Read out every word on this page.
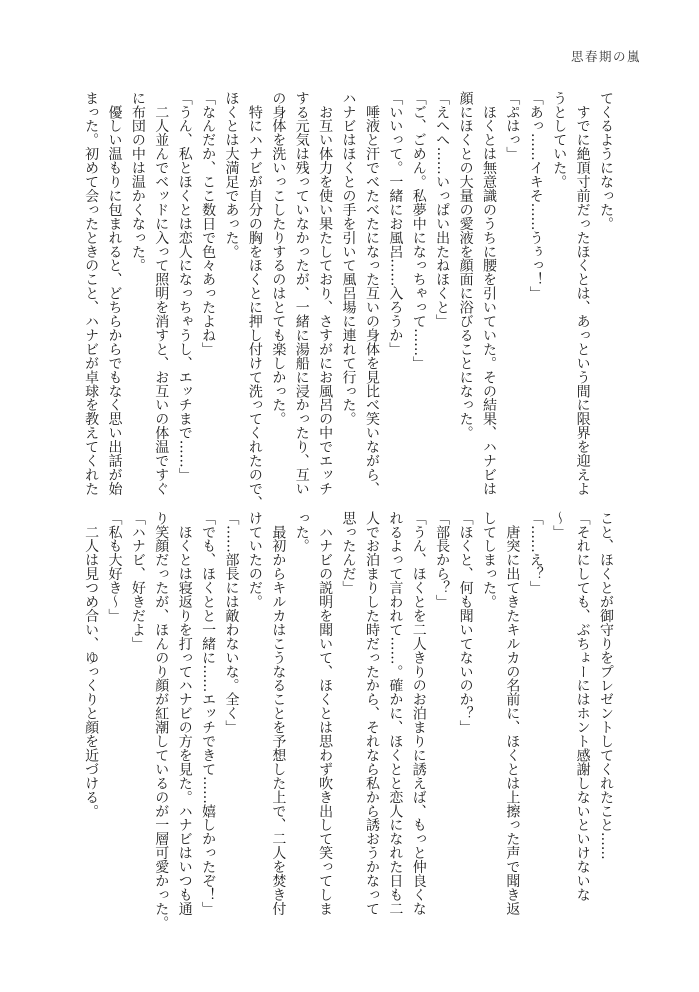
思春期の嵐
てくるようになった。
　すでに絶頂寸前だったほくとは、あっという間に限界を迎えよ
うとしていた。
「あっ……イキそ……うぅっ！」
「ぷはっ」
　ほくとは無意識のうちに腰を引いていた。その結果、ハナビは
顔にほくとの大量の愛液を顔面に浴びることになった。
「えへへ……いっぱい出たねほくと」
「ご、ごめん。私夢中になっちゃって……」
「いいって。一緒にお風呂……入ろうか」
　唾液と汗でべたべたになった互いの身体を見比べ笑いながら、
ハナビはほくとの手を引いて風呂場に連れて行った。
　お互い体力を使い果たしており、さすがにお風呂の中でエッチ
する元気は残っていなかったが、一緒に湯船に浸かったり、互い
の身体を洗いっこしたりするのはとても楽しかった。
　特にハナビが自分の胸をほくとに押し付けて洗ってくれたので、
ほくとは大満足であった。
「なんだか、ここ数日で色々あったよね」
「うん、私とほくとは恋人になっちゃうし、エッチまで……」
　二人並んでベッドに入って照明を消すと、お互いの体温ですぐ
に布団の中は温かくなった。
　優しい温もりに包まれると、どちらからでもなく思い出話が始
まった。初めて会ったときのこと、ハナビが卓球を教えてくれた
こと、ほくとが御守りをプレゼントしてくれたこと……
「それにしても、ぶちょーにはホント感謝しないといけないな
〜」
「……え？」
　唐突に出てきたキルカの名前に、ほくとは上擦った声で聞き返
してしまった。
「ほくと、何も聞いてないのか？」
「部長から？」
「うん、ほくとを二人きりのお泊まりに誘えば、もっと仲良くな
れるよって言われて……。確かに、ほくとと恋人になれた日も二
人でお泊まりした時だったから、それなら私から誘おうかなって
思ったんだ」
　ハナビの説明を聞いて、ほくとは思わず吹き出して笑ってしま
った。
　最初からキルカはこうなることを予想した上で、二人を焚き付
けていたのだ。
「……部長には敵わないな。全く」
「でも、ほくとと一緒に……エッチできて……嬉しかったぞ！」
　ほくとは寝返りを打ってハナビの方を見た。ハナビはいつも通
り笑顔だったが、ほんのり顔が紅潮しているのが一層可愛かった。
「ハナビ、好きだよ」
「私も大好き〜」
　二人は見つめ合い、ゆっくりと顔を近づける。
